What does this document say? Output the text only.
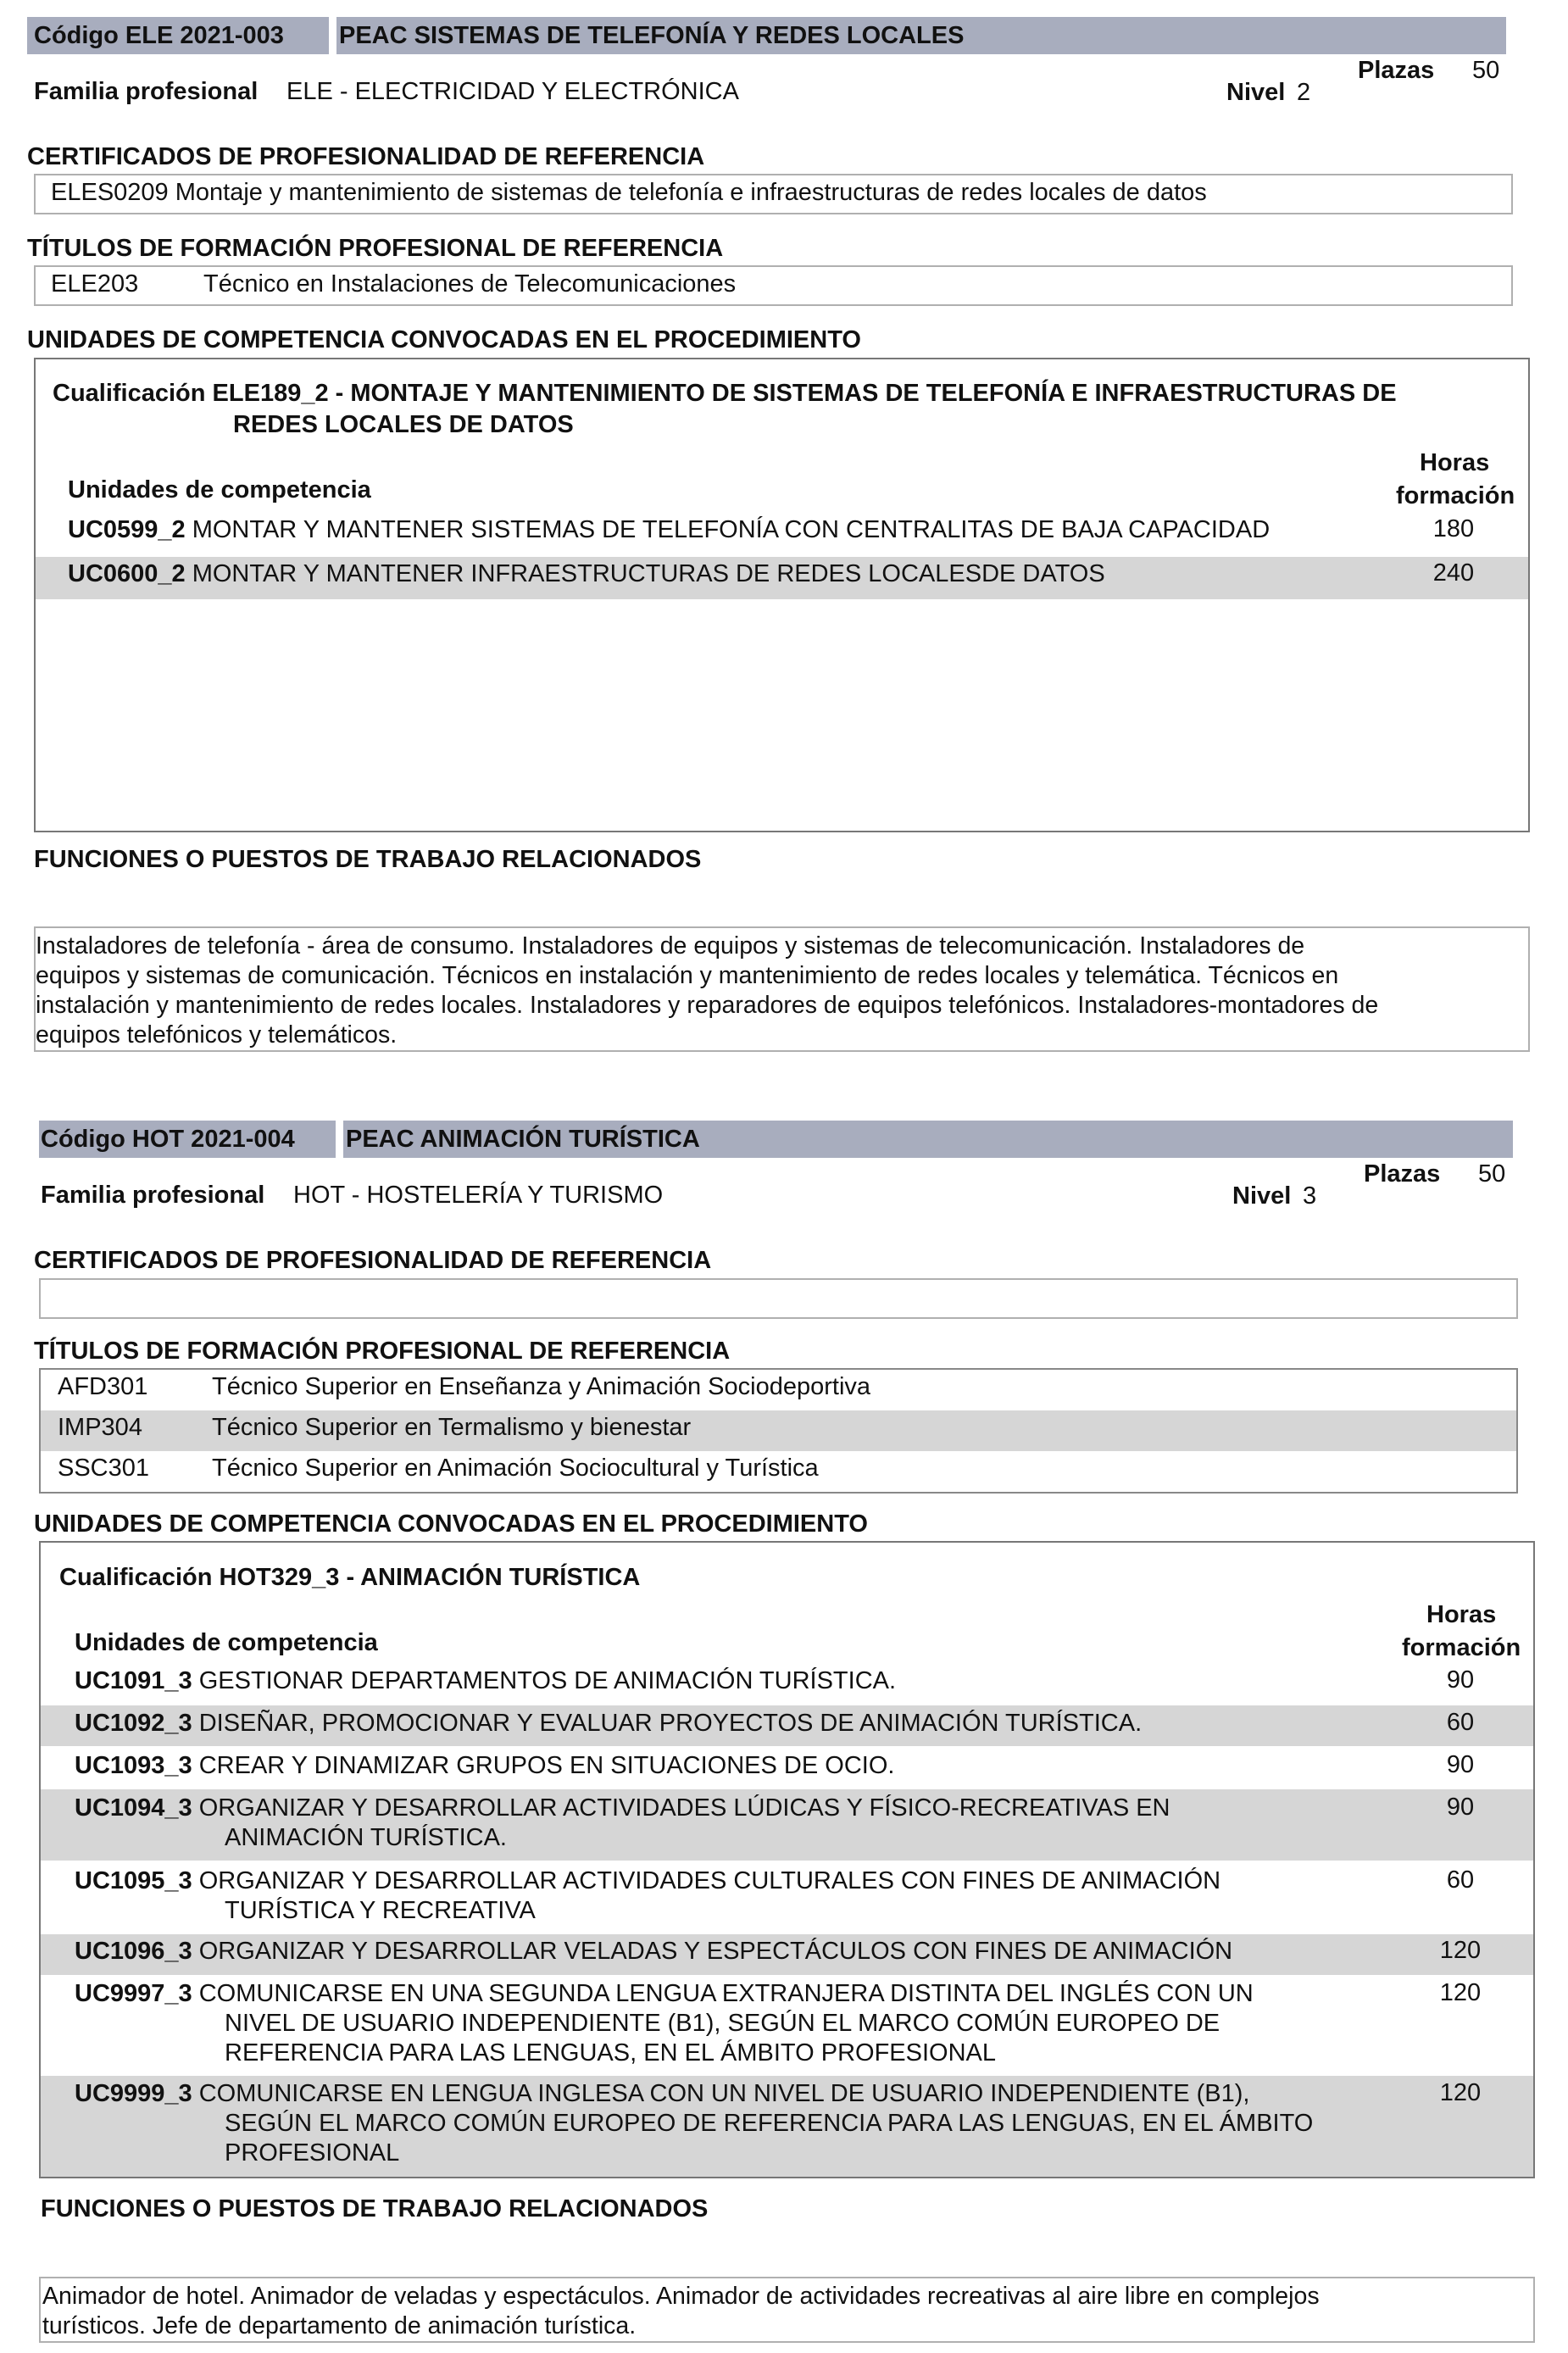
Código ELE 2021-003 PEAC SISTEMAS DE TELEFONÍA Y REDES LOCALES
Familia profesional ELE - ELECTRICIDAD Y ELECTRÓNICA	Nivel 2
Plazas 50
CERTIFICADOS DE PROFESIONALIDAD DE REFERENCIA
ELES0209 Montaje y mantenimiento de sistemas de telefonía e infraestructuras de redes locales de datos
TÍTULOS DE FORMACIÓN PROFESIONAL DE REFERENCIA
ELE203	Técnico en Instalaciones de Telecomunicaciones
UNIDADES DE COMPETENCIA CONVOCADAS EN EL PROCEDIMIENTO
Cualificación ELE189_2 - MONTAJE Y MANTENIMIENTO DE SISTEMAS DE TELEFONÍA E INFRAESTRUCTURAS DE
REDES LOCALES DE DATOS
Unidades de competencia
Horas
formación
UC0599_2 MONTAR Y MANTENER SISTEMAS DE TELEFONÍA CON CENTRALITAS DE BAJA CAPACIDAD	180
UC0600_2 MONTAR Y MANTENER INFRAESTRUCTURAS DE REDES LOCALESDE DATOS	240
FUNCIONES O PUESTOS DE TRABAJO RELACIONADOS
Instaladores de telefonía - área de consumo. Instaladores de equipos y sistemas de telecomunicación. Instaladores de
equipos y sistemas de comunicación. Técnicos en instalación y mantenimiento de redes locales y telemática. Técnicos en
instalación y mantenimiento de redes locales. Instaladores y reparadores de equipos telefónicos. Instaladores-montadores de
equipos telefónicos y telemáticos.
Código HOT 2021-004 PEAC ANIMACIÓN TURÍSTICA
Familia profesional HOT - HOSTELERÍA Y TURISMO	Nivel 3
Plazas 50
CERTIFICADOS DE PROFESIONALIDAD DE REFERENCIA
TÍTULOS DE FORMACIÓN PROFESIONAL DE REFERENCIA
AFD301	Técnico Superior en Enseñanza y Animación Sociodeportiva
IMP304	Técnico Superior en Termalismo y bienestar
SSC301	Técnico Superior en Animación Sociocultural y Turística
UNIDADES DE COMPETENCIA CONVOCADAS EN EL PROCEDIMIENTO
Cualificación HOT329_3 - ANIMACIÓN TURÍSTICA
Unidades de competencia
Horas
formación
UC1091_3 GESTIONAR DEPARTAMENTOS DE ANIMACIÓN TURÍSTICA.	90
UC1092_3 DISEÑAR, PROMOCIONAR Y EVALUAR PROYECTOS DE ANIMACIÓN TURÍSTICA.	60
UC1093_3 CREAR Y DINAMIZAR GRUPOS EN SITUACIONES DE OCIO.	90
UC1094_3 ORGANIZAR Y DESARROLLAR ACTIVIDADES LÚDICAS Y FÍSICO-RECREATIVAS EN
ANIMACIÓN TURÍSTICA.
90
UC1095_3 ORGANIZAR Y DESARROLLAR ACTIVIDADES CULTURALES CON FINES DE ANIMACIÓN
TURÍSTICA Y RECREATIVA
60
UC1096_3 ORGANIZAR Y DESARROLLAR VELADAS Y ESPECTÁCULOS CON FINES DE ANIMACIÓN	120
UC9997_3 COMUNICARSE EN UNA SEGUNDA LENGUA EXTRANJERA DISTINTA DEL INGLÉS CON UN
NIVEL DE USUARIO INDEPENDIENTE (B1), SEGÚN EL MARCO COMÚN EUROPEO DE
REFERENCIA PARA LAS LENGUAS, EN EL ÁMBITO PROFESIONAL
120
UC9999_3 COMUNICARSE EN LENGUA INGLESA CON UN NIVEL DE USUARIO INDEPENDIENTE (B1),
SEGÚN EL MARCO COMÚN EUROPEO DE REFERENCIA PARA LAS LENGUAS, EN EL ÁMBITO
PROFESIONAL
120
FUNCIONES O PUESTOS DE TRABAJO RELACIONADOS
Animador de hotel. Animador de veladas y espectáculos. Animador de actividades recreativas al aire libre en complejos
turísticos. Jefe de departamento de animación turística.
